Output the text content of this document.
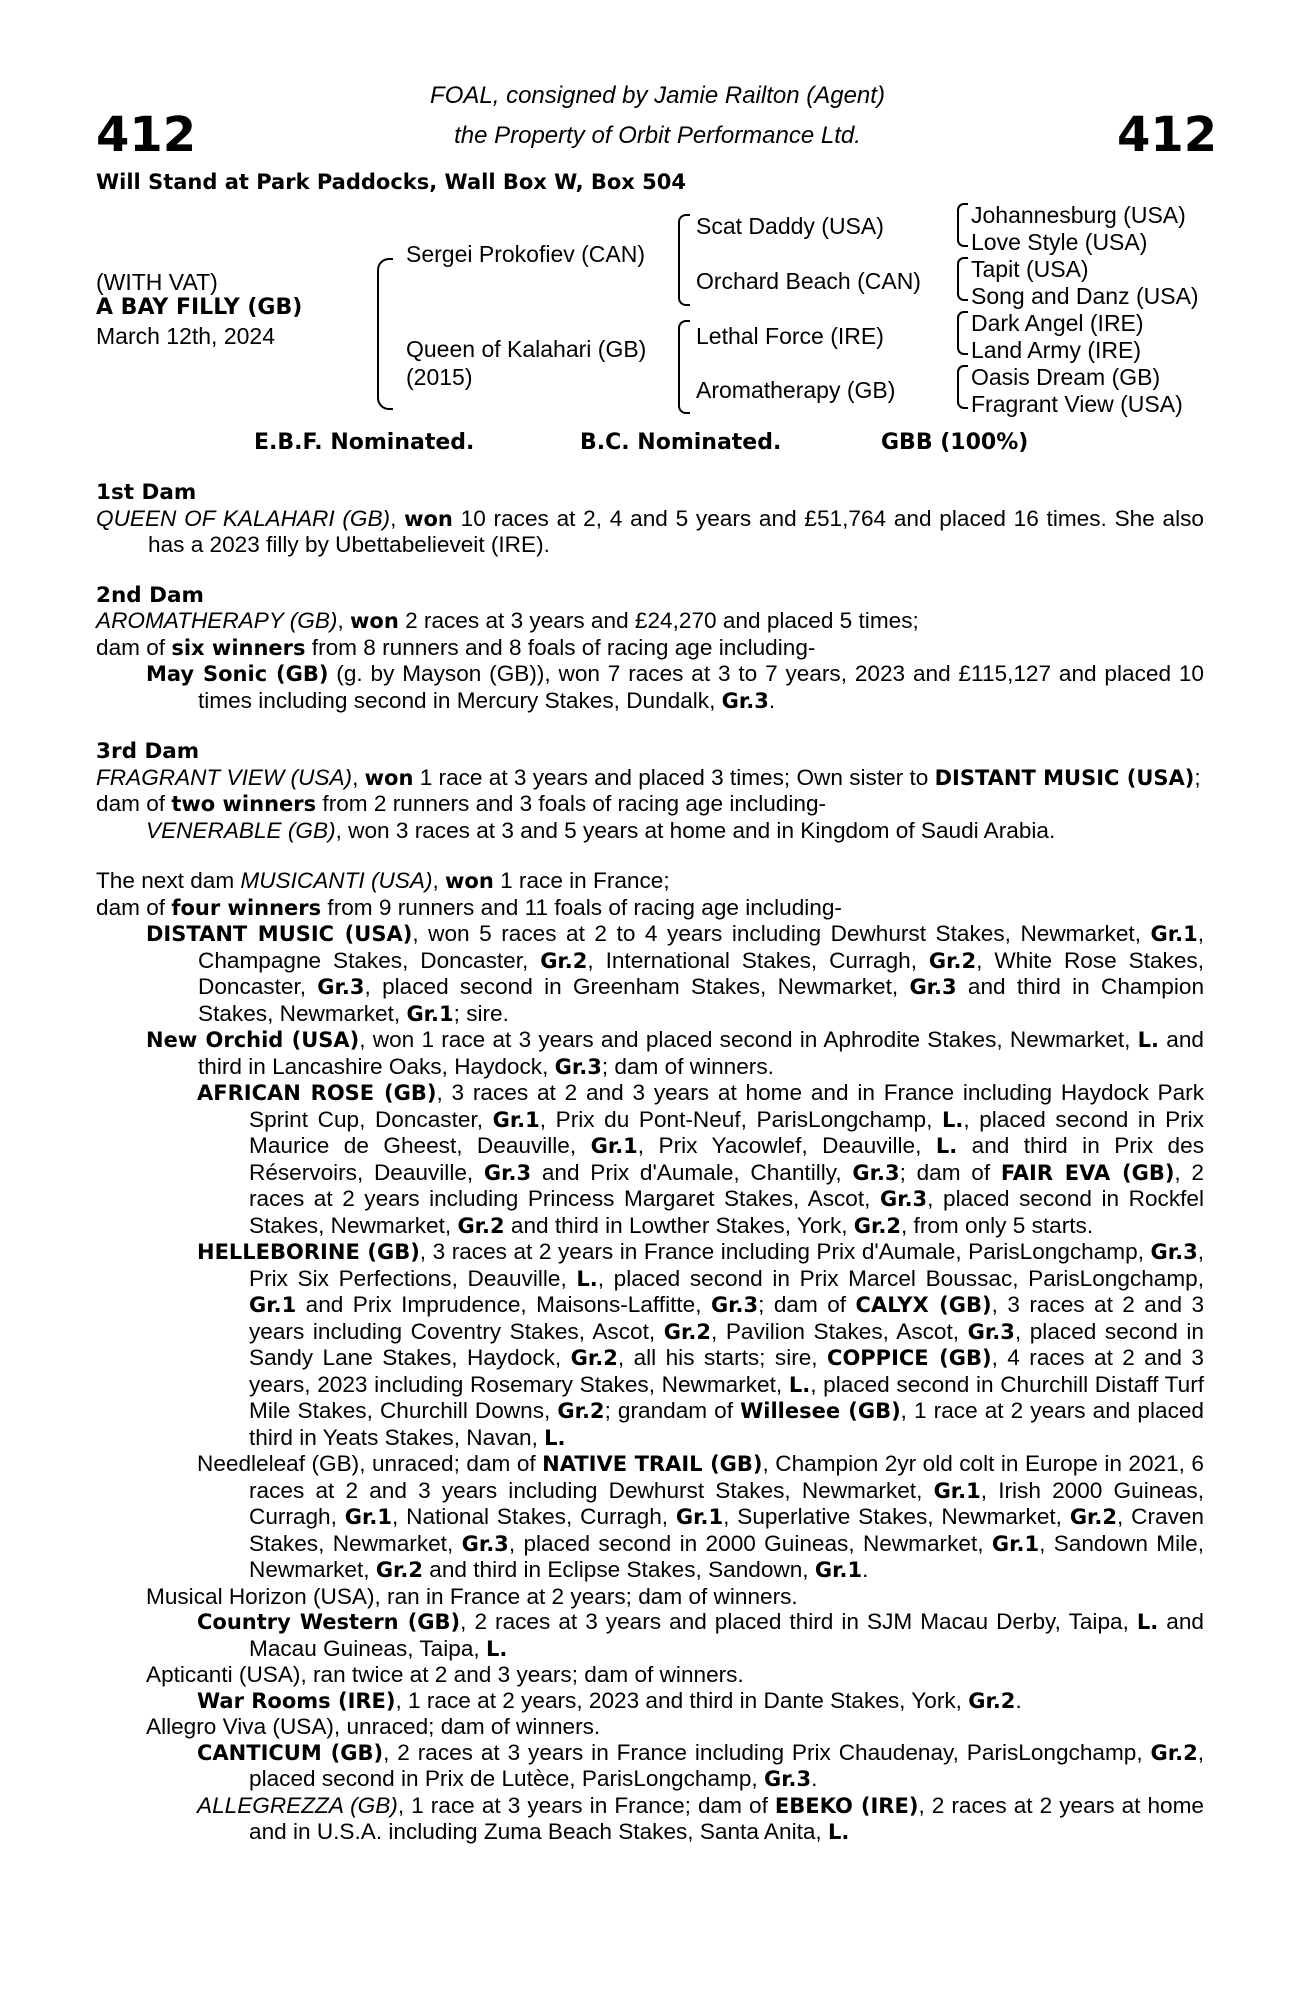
412	412
FOAL, consigned by Jamie Railton (Agent)
the Property of Orbit Performance Ltd.
Will Stand at Park Paddocks, Wall Box W, Box 504
(WITH VAT)
A BAY FILLY (GB)
March 12th, 2024
Sergei Prokofiev (CAN)
Queen of Kalahari (GB)
(2015)
Scat Daddy (USA)
Orchard Beach (CAN)
Lethal Force (IRE)
Aromatherapy (GB)
Johannesburg (USA)
Love Style (USA)
Tapit (USA)
Song and Danz (USA)
Dark Angel (IRE)
Land Army (IRE)
Oasis Dream (GB)
Fragrant View (USA)
E.B.F. Nominated.	B.C. Nominated.	GBB (100%)
1st Dam

QUEEN OF KALAHARI (GB), won 10 races at 2, 4 and 5 years and £51,764 and placed 16 times. She also has a 2023 filly by Ubettabelieveit (IRE).

2nd Dam

AROMATHERAPY (GB), won 2 races at 3 years and £24,270 and placed 5 times;

dam of six winners from 8 runners and 8 foals of racing age including-

May Sonic (GB) (g. by Mayson (GB)), won 7 races at 3 to 7 years, 2023 and £115,127 and placed 10 times including second in Mercury Stakes, Dundalk, Gr.3.

3rd Dam

FRAGRANT VIEW (USA), won 1 race at 3 years and placed 3 times; Own sister to DISTANT MUSIC (USA);

dam of two winners from 2 runners and 3 foals of racing age including-

VENERABLE (GB), won 3 races at 3 and 5 years at home and in Kingdom of Saudi Arabia.

The next dam MUSICANTI (USA), won 1 race in France;

dam of four winners from 9 runners and 11 foals of racing age including-

DISTANT MUSIC (USA), won 5 races at 2 to 4 years including Dewhurst Stakes, Newmarket, Gr.1, Champagne Stakes, Doncaster, Gr.2, International Stakes, Curragh, Gr.2, White Rose Stakes, Doncaster, Gr.3, placed second in Greenham Stakes, Newmarket, Gr.3 and third in Champion Stakes, Newmarket, Gr.1; sire.

New Orchid (USA), won 1 race at 3 years and placed second in Aphrodite Stakes, Newmarket, L. and third in Lancashire Oaks, Haydock, Gr.3; dam of winners.

AFRICAN ROSE (GB), 3 races at 2 and 3 years at home and in France including Haydock Park Sprint Cup, Doncaster, Gr.1, Prix du Pont-Neuf, ParisLongchamp, L., placed second in Prix Maurice de Gheest, Deauville, Gr.1, Prix Yacowlef, Deauville, L. and third in Prix des Réservoirs, Deauville, Gr.3 and Prix d'Aumale, Chantilly, Gr.3; dam of FAIR EVA (GB), 2 races at 2 years including Princess Margaret Stakes, Ascot, Gr.3, placed second in Rockfel Stakes, Newmarket, Gr.2 and third in Lowther Stakes, York, Gr.2, from only 5 starts.

HELLEBORINE (GB), 3 races at 2 years in France including Prix d'Aumale, ParisLongchamp, Gr.3, Prix Six Perfections, Deauville, L., placed second in Prix Marcel Boussac, ParisLongchamp, Gr.1 and Prix Imprudence, Maisons-Laffitte, Gr.3; dam of CALYX (GB), 3 races at 2 and 3 years including Coventry Stakes, Ascot, Gr.2, Pavilion Stakes, Ascot, Gr.3, placed second in Sandy Lane Stakes, Haydock, Gr.2, all his starts; sire, COPPICE (GB), 4 races at 2 and 3 years, 2023 including Rosemary Stakes, Newmarket, L., placed second in Churchill Distaff Turf Mile Stakes, Churchill Downs, Gr.2; grandam of Willesee (GB), 1 race at 2 years and placed third in Yeats Stakes, Navan, L.

Needleleaf (GB), unraced; dam of NATIVE TRAIL (GB), Champion 2yr old colt in Europe in 2021, 6 races at 2 and 3 years including Dewhurst Stakes, Newmarket, Gr.1, Irish 2000 Guineas, Curragh, Gr.1, National Stakes, Curragh, Gr.1, Superlative Stakes, Newmarket, Gr.2, Craven Stakes, Newmarket, Gr.3, placed second in 2000 Guineas, Newmarket, Gr.1, Sandown Mile, Newmarket, Gr.2 and third in Eclipse Stakes, Sandown, Gr.1.

Musical Horizon (USA), ran in France at 2 years; dam of winners.

Country Western (GB), 2 races at 3 years and placed third in SJM Macau Derby, Taipa, L. and Macau Guineas, Taipa, L.

Apticanti (USA), ran twice at 2 and 3 years; dam of winners.

War Rooms (IRE), 1 race at 2 years, 2023 and third in Dante Stakes, York, Gr.2.

Allegro Viva (USA), unraced; dam of winners.

CANTICUM (GB), 2 races at 3 years in France including Prix Chaudenay, ParisLongchamp, Gr.2, placed second in Prix de Lutèce, ParisLongchamp, Gr.3.

ALLEGREZZA (GB), 1 race at 3 years in France; dam of EBEKO (IRE), 2 races at 2 years at home and in U.S.A. including Zuma Beach Stakes, Santa Anita, L.
